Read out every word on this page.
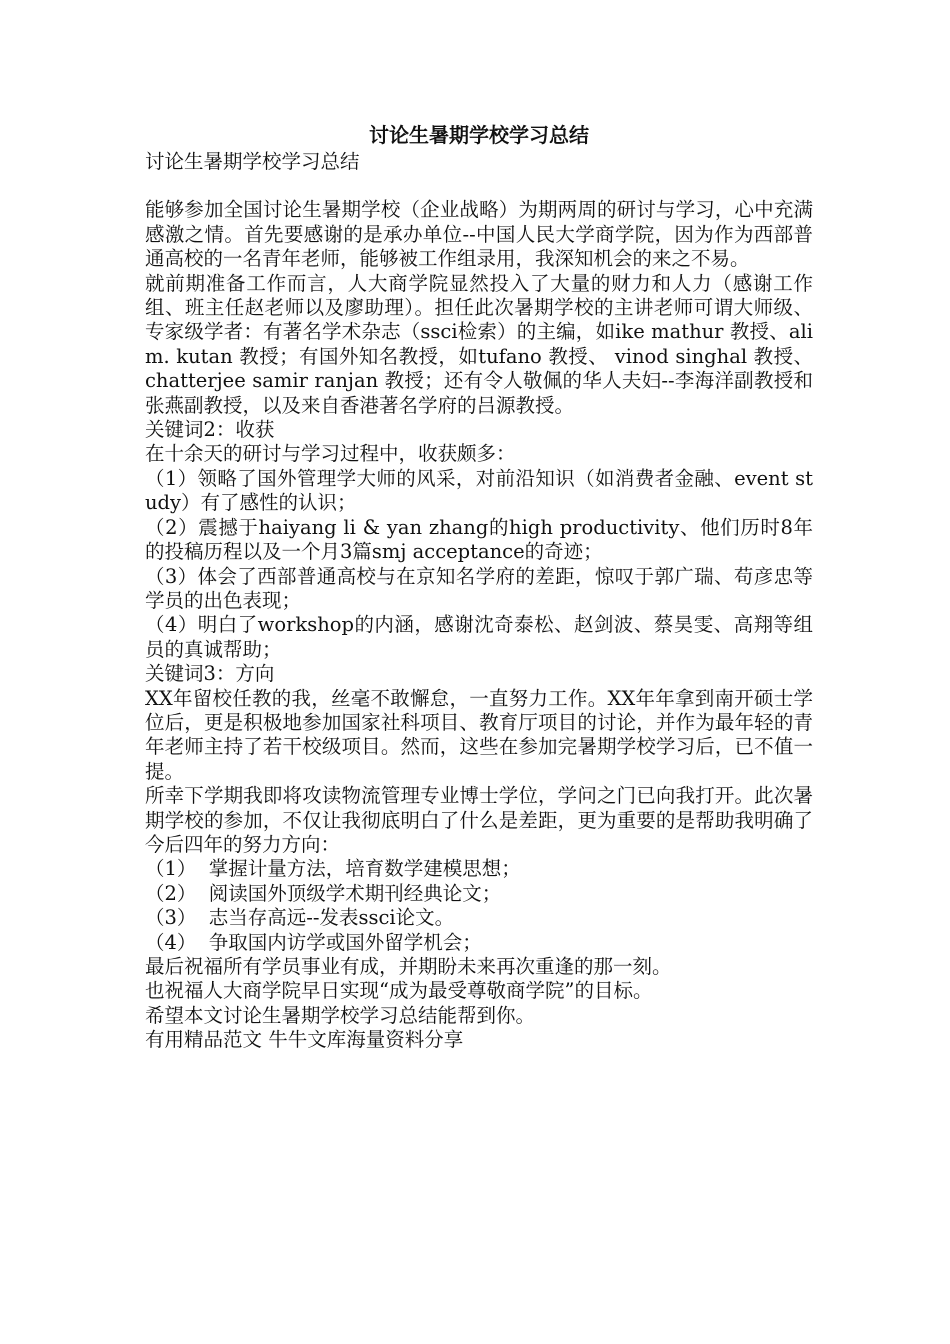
讨论生暑期学校学习总结
讨论生暑期学校学习总结

能够参加全国讨论生暑期学校（企业战略）为期两周的研讨与学习，心中充满感激之情。首先要感谢的是承办单位--中国人民大学商学院，因为作为西部普通高校的一名青年老师，能够被工作组录用，我深知机会的来之不易。

就前期准备工作而言，人大商学院显然投入了大量的财力和人力（感谢工作组、班主任赵老师以及廖助理）。担任此次暑期学校的主讲老师可谓大师级、专家级学者：有著名学术杂志（ssci检索）的主编，如ike mathur 教授、ali m. kutan 教授；有国外知名教授，如tufano 教授、 vinod singhal 教授、chatterjee samir ranjan 教授；还有令人敬佩的华人夫妇--李海洋副教授和张燕副教授，以及来自香港著名学府的吕源教授。

关键词2：收获

在十余天的研讨与学习过程中，收获颇多：

（1）领略了国外管理学大师的风采，对前沿知识（如消费者金融、event study）有了感性的认识；

（2）震撼于haiyang li & yan zhang的high productivity、他们历时8年的投稿历程以及一个月3篇smj acceptance的奇迹；

（3）体会了西部普通高校与在京知名学府的差距，惊叹于郭广瑞、苟彦忠等学员的出色表现；

（4）明白了workshop的内涵，感谢沈奇泰松、赵剑波、蔡昊雯、高翔等组员的真诚帮助；

关键词3：方向

XX年留校任教的我，丝毫不敢懈怠，一直努力工作。XX年年拿到南开硕士学位后，更是积极地参加国家社科项目、教育厅项目的讨论，并作为最年轻的青年老师主持了若干校级项目。然而，这些在参加完暑期学校学习后，已不值一提。

所幸下学期我即将攻读物流管理专业博士学位，学问之门已向我打开。此次暑期学校的参加，不仅让我彻底明白了什么是差距，更为重要的是帮助我明确了今后四年的努力方向：

（1）  掌握计量方法，培育数学建模思想；

（2）  阅读国外顶级学术期刊经典论文；

（3）  志当存高远--发表ssci论文。

（4）  争取国内访学或国外留学机会；

最后祝福所有学员事业有成，并期盼未来再次重逢的那一刻。

也祝福人大商学院早日实现“成为最受尊敬商学院”的目标。

希望本文讨论生暑期学校学习总结能帮到你。

有用精品范文 牛牛文库海量资料分享
